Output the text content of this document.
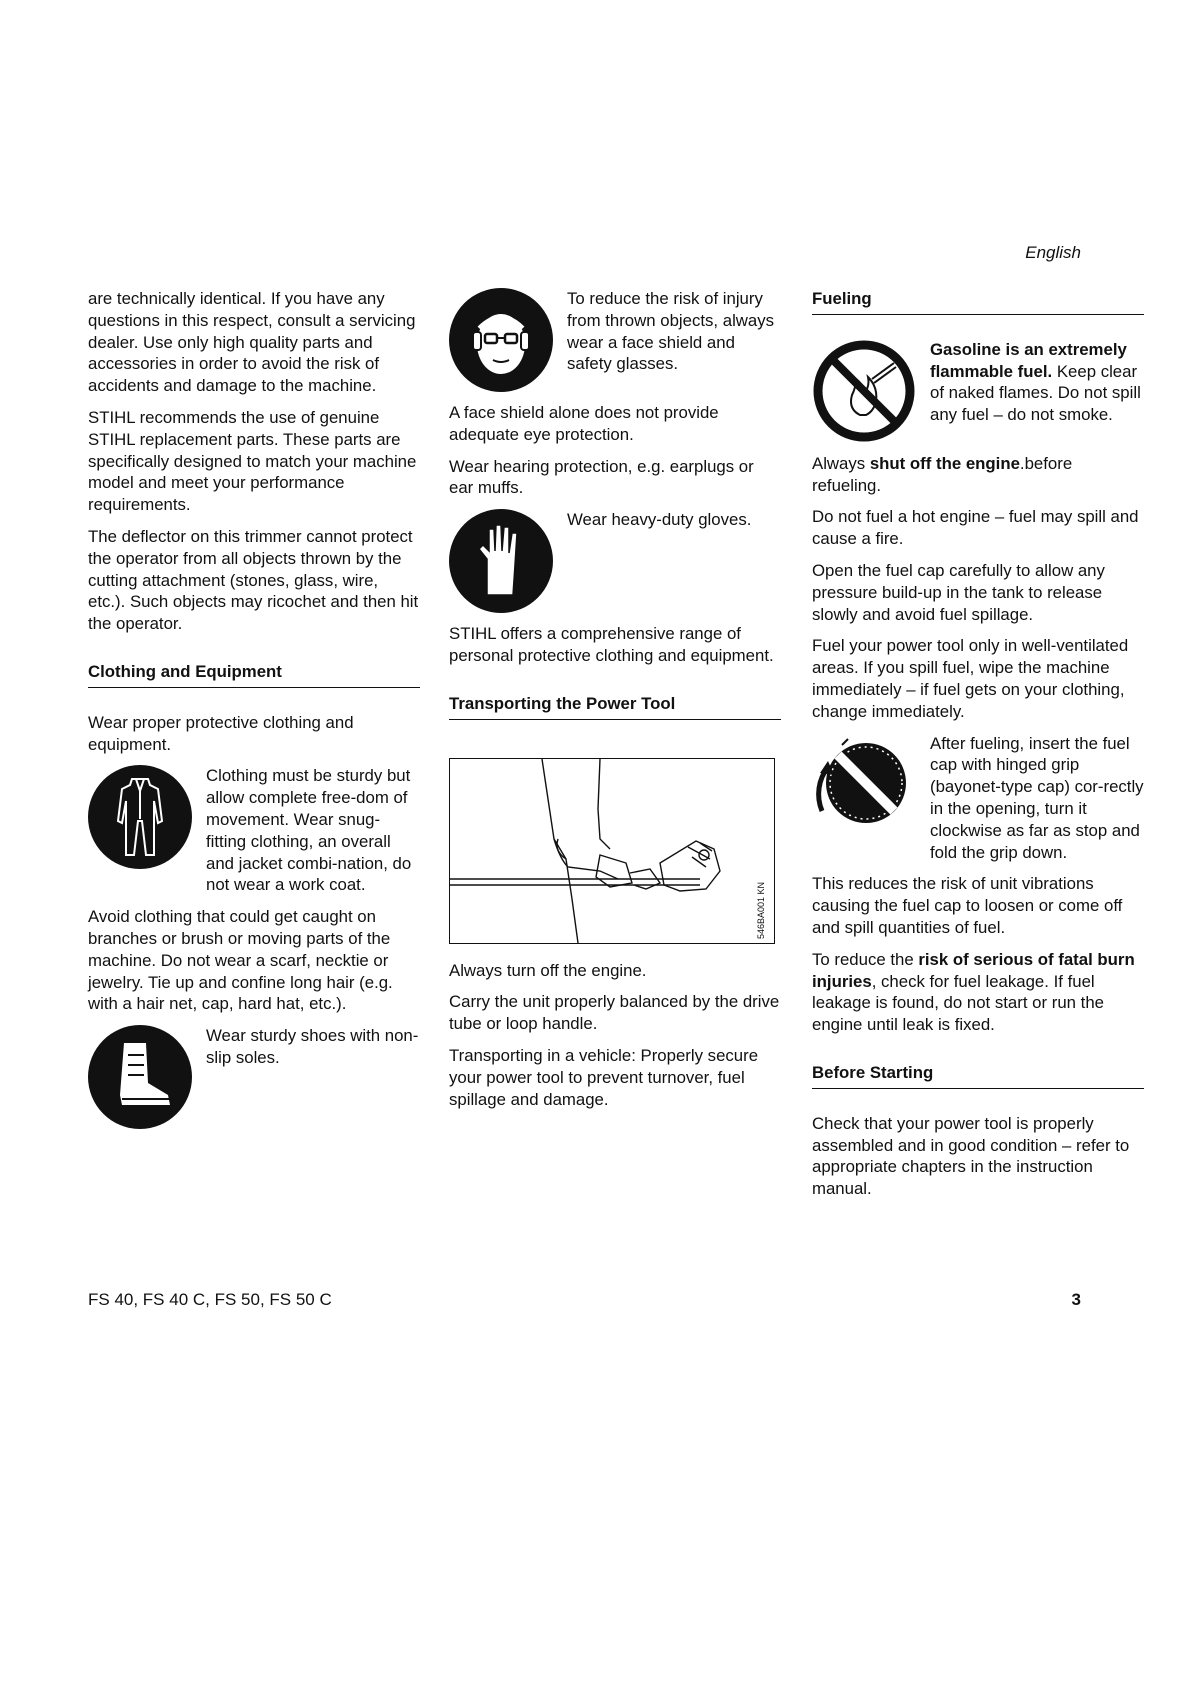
English

are technically identical. If you have any questions in this respect, consult a servicing dealer. Use only high quality parts and accessories in order to avoid the risk of accidents and damage to the machine.

STIHL recommends the use of genuine STIHL replacement parts. These parts are specifically designed to match your machine model and meet your performance requirements.

The deflector on this trimmer cannot protect the operator from all objects thrown by the cutting attachment (stones, glass, wire, etc.). Such objects may ricochet and then hit the operator.

Clothing and Equipment

Wear proper protective clothing and equipment.

Clothing must be sturdy but allow complete free-dom of movement. Wear snug-fitting clothing, an overall and jacket combi-nation, do not wear a work coat.

Avoid clothing that could get caught on branches or brush or moving parts of the machine. Do not wear a scarf, necktie or jewelry. Tie up and confine long hair (e.g. with a hair net, cap, hard hat, etc.).

Wear sturdy shoes with non-slip soles.

To reduce the risk of injury from thrown objects, always wear a face shield and safety glasses.

A face shield alone does not provide adequate eye protection.

Wear hearing protection, e.g. earplugs or ear muffs.

Wear heavy-duty gloves.

STIHL offers a comprehensive range of personal protective clothing and equipment.

Transporting the Power Tool
546BA001 KN

Always turn off the engine.

Carry the unit properly balanced by the drive tube or loop handle.

Transporting in a vehicle: Properly secure your power tool to prevent turnover, fuel spillage and damage.

Fueling

Gasoline is an extremely flammable fuel. Keep clear of naked flames. Do not spill any fuel – do not smoke.

Always shut off the engine.before refueling.

Do not fuel a hot engine – fuel may spill and cause a fire.

Open the fuel cap carefully to allow any pressure build-up in the tank to release slowly and avoid fuel spillage.

Fuel your power tool only in well-ventilated areas. If you spill fuel, wipe the machine immediately – if fuel gets on your clothing, change immediately.

After fueling, insert the fuel cap with hinged grip (bayonet-type cap) cor-rectly in the opening, turn it clockwise as far as stop and fold the grip down.

This reduces the risk of unit vibrations causing the fuel cap to loosen or come off and spill quantities of fuel.

To reduce the risk of serious of fatal burn injuries, check for fuel leakage. If fuel leakage is found, do not start or run the engine until leak is fixed.

Before Starting

Check that your power tool is properly assembled and in good condition – refer to appropriate chapters in the instruction manual.

FS 40, FS 40 C, FS 50, FS 50 C	3
